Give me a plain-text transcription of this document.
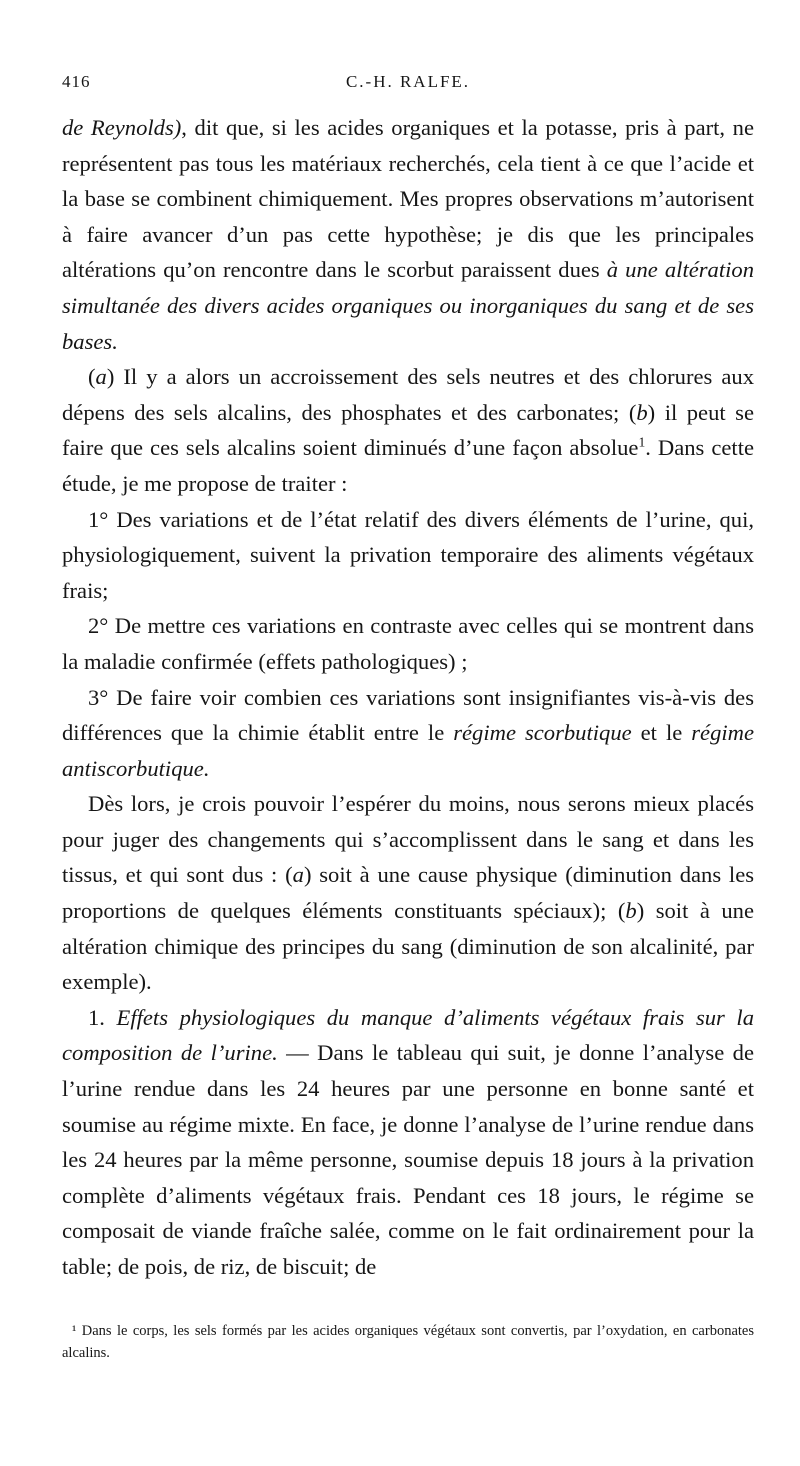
416	C.-H. RALFE.

de Reynolds), dit que, si les acides organiques et la potasse, pris à part, ne représentent pas tous les matériaux recherchés, cela tient à ce que l’acide et la base se combinent chimiquement. Mes propres observations m’autorisent à faire avancer d’un pas cette hypothèse; je dis que les principales altérations qu’on rencontre dans le scorbut paraissent dues à une altération simultanée des divers acides organiques ou inorganiques du sang et de ses bases.

(a) Il y a alors un accroissement des sels neutres et des chlorures aux dépens des sels alcalins, des phosphates et des carbonates; (b) il peut se faire que ces sels alcalins soient diminués d’une façon absolue$^1$. Dans cette étude, je me propose de traiter :

1° Des variations et de l’état relatif des divers éléments de l’urine, qui, physiologiquement, suivent la privation temporaire des aliments végétaux frais;

2° De mettre ces variations en contraste avec celles qui se montrent dans la maladie confirmée (effets pathologiques) ;

3° De faire voir combien ces variations sont insignifiantes vis-à-vis des différences que la chimie établit entre le régime scorbutique et le régime antiscorbutique.

Dès lors, je crois pouvoir l’espérer du moins, nous serons mieux placés pour juger des changements qui s’accomplissent dans le sang et dans les tissus, et qui sont dus : (a) soit à une cause physique (diminution dans les proportions de quelques éléments constituants spéciaux); (b) soit à une altération chimique des principes du sang (diminution de son alcalinité, par exemple).

1. Effets physiologiques du manque d’aliments végétaux frais sur la composition de l’urine. — Dans le tableau qui suit, je donne l’analyse de l’urine rendue dans les 24 heures par une personne en bonne santé et soumise au régime mixte. En face, je donne l’analyse de l’urine rendue dans les 24 heures par la même personne, soumise depuis 18 jours à la privation complète d’aliments végétaux frais. Pendant ces 18 jours, le régime se composait de viande fraîche salée, comme on le fait ordinairement pour la table; de pois, de riz, de biscuit; de

¹ Dans le corps, les sels formés par les acides organiques végétaux sont convertis, par l’oxydation, en carbonates alcalins.
